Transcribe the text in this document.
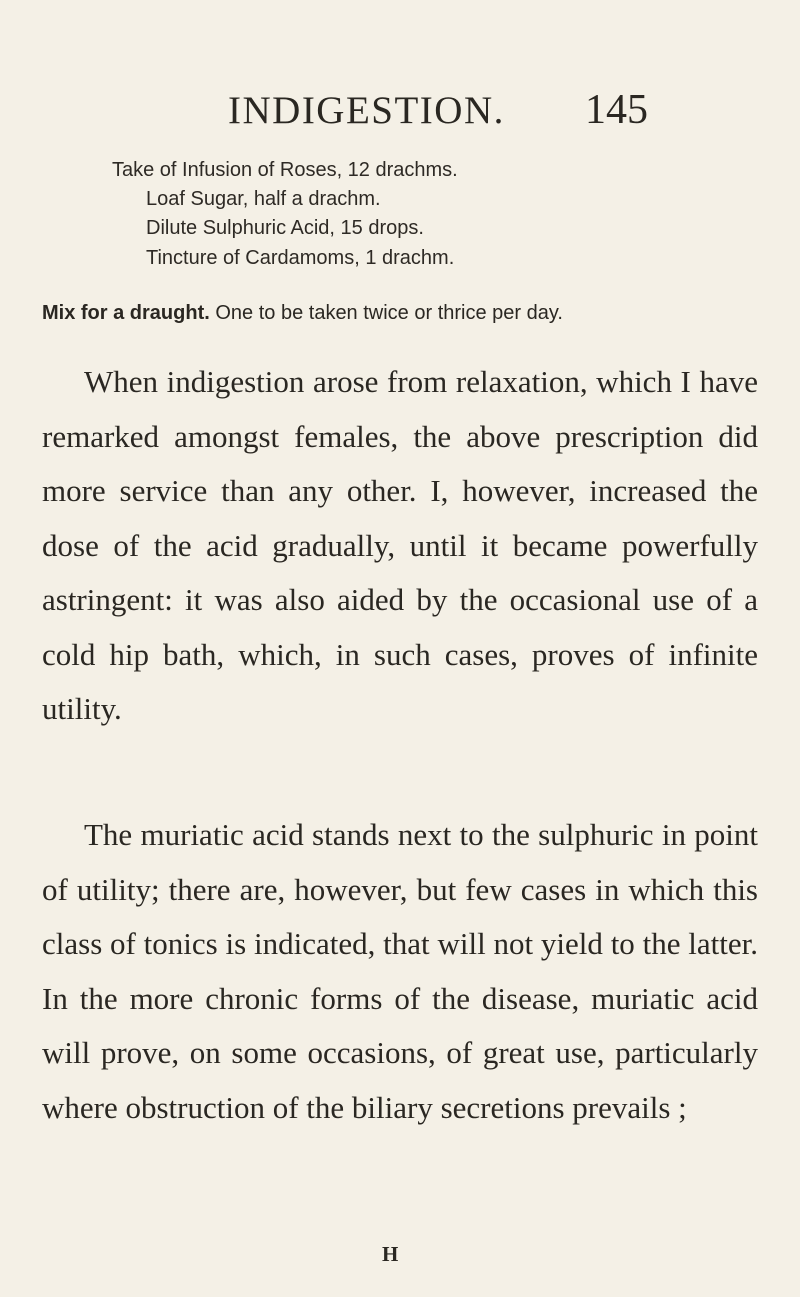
INDIGESTION. 145
Take of Infusion of Roses, 12 drachms.
Loaf Sugar, half a drachm.
Dilute Sulphuric Acid, 15 drops.
Tincture of Cardamoms, 1 drachm.
Mix for a draught. One to be taken twice or thrice per day.

When indigestion arose from relaxation, which I have remarked amongst females, the above prescription did more service than any other. I, however, increased the dose of the acid gradually, until it became powerfully astringent: it was also aided by the occasional use of a cold hip bath, which, in such cases, proves of infinite utility.

The muriatic acid stands next to the sulphuric in point of utility; there are, however, but few cases in which this class of tonics is indicated, that will not yield to the latter. In the more chronic forms of the disease, muriatic acid will prove, on some occasions, of great use, particularly where obstruction of the biliary secretions prevails ;

H
